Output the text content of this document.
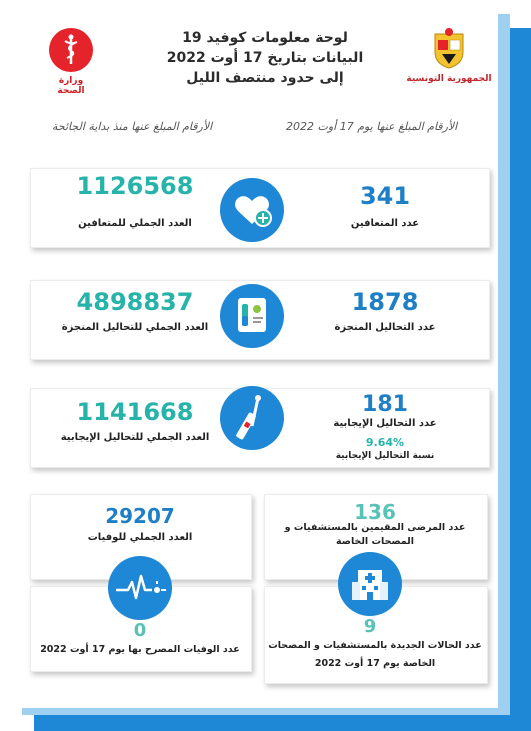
وزارة الصحة
لوحة معلومات كوفيد 19
البيانات بتاريخ 17 أوت 2022
إلى حدود منتصف الليل	الجمهورية التونسية
الأرقام المبلغ عنها منذ بداية الجائحة	الأرقام المبلغ عنها يوم 17 أوت 2022
1126568
العدد الجملي للمتعافين
341
عدد المتعافين
4898837
العدد الجملي للتحاليل المنجزة
1878
عدد التحاليل المنجزة
1141668
العدد الجملي للتحاليل الإيجابية
181
عدد التحاليل الإيجابية
9.64%
نسبة التحاليل الإيجابية
29207
العدد الجملي للوفيات
0
عدد الوفيات المصرح بها يوم 17 أوت 2022
136
عدد المرضى المقيمين بالمستشفيات و المصحات الخاصة
9
عدد الحالات الجديدة بالمستشفيات و المصحات
الخاصة يوم 17 أوت 2022
